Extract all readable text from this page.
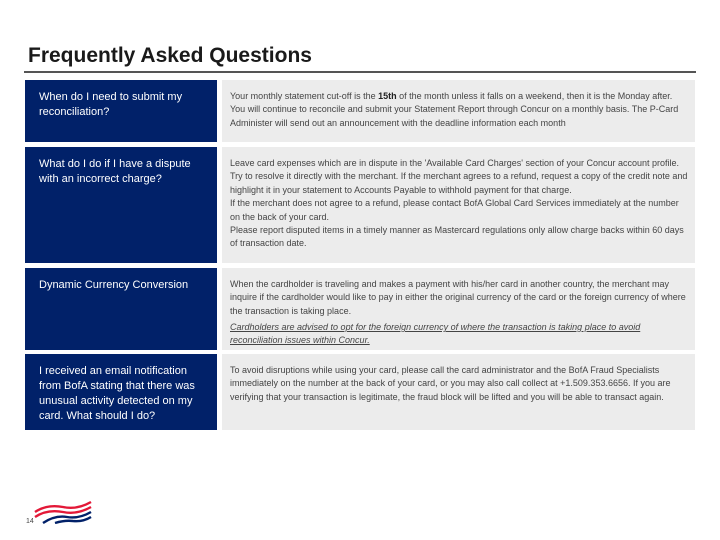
Frequently Asked Questions
When do I need to submit my reconciliation?

Your monthly statement cut-off is the 15th of the month unless it falls on a weekend, then it is the Monday after. You will continue to reconcile and submit your Statement Report through Concur on a monthly basis. The P-Card Administer will send out an announcement with the deadline information each month

What do I do if I have a dispute with an incorrect charge?

Leave card expenses which are in dispute in the 'Available Card Charges' section of your Concur account profile.

Try to resolve it directly with the merchant. If the merchant agrees to a refund, request a copy of the credit note and highlight it in your statement to Accounts Payable to withhold payment for that charge.

If the merchant does not agree to a refund, please contact BofA Global Card Services immediately at the number on the back of your card.

Please report disputed items in a timely manner as Mastercard regulations only allow charge backs within 60 days of transaction date.

Dynamic Currency Conversion	When the cardholder is traveling and makes a payment with his/her card in another country, the merchant may inquire if the cardholder would like to pay in either the original currency of the card or the foreign currency of where the transaction is taking place.

Cardholders are advised to opt for the foreign currency of where the transaction is taking place to avoid reconciliation issues within Concur.
I received an email notification from BofA stating that there was unusual activity detected on my card. What should I do?

To avoid disruptions while using your card, please call the card administrator and the BofA Fraud Specialists immediately on the number at the back of your card, or you may also call collect at +1.509.353.6656. If you are verifying that your transaction is legitimate, the fraud block will be lifted and you will be able to transact again.

14
